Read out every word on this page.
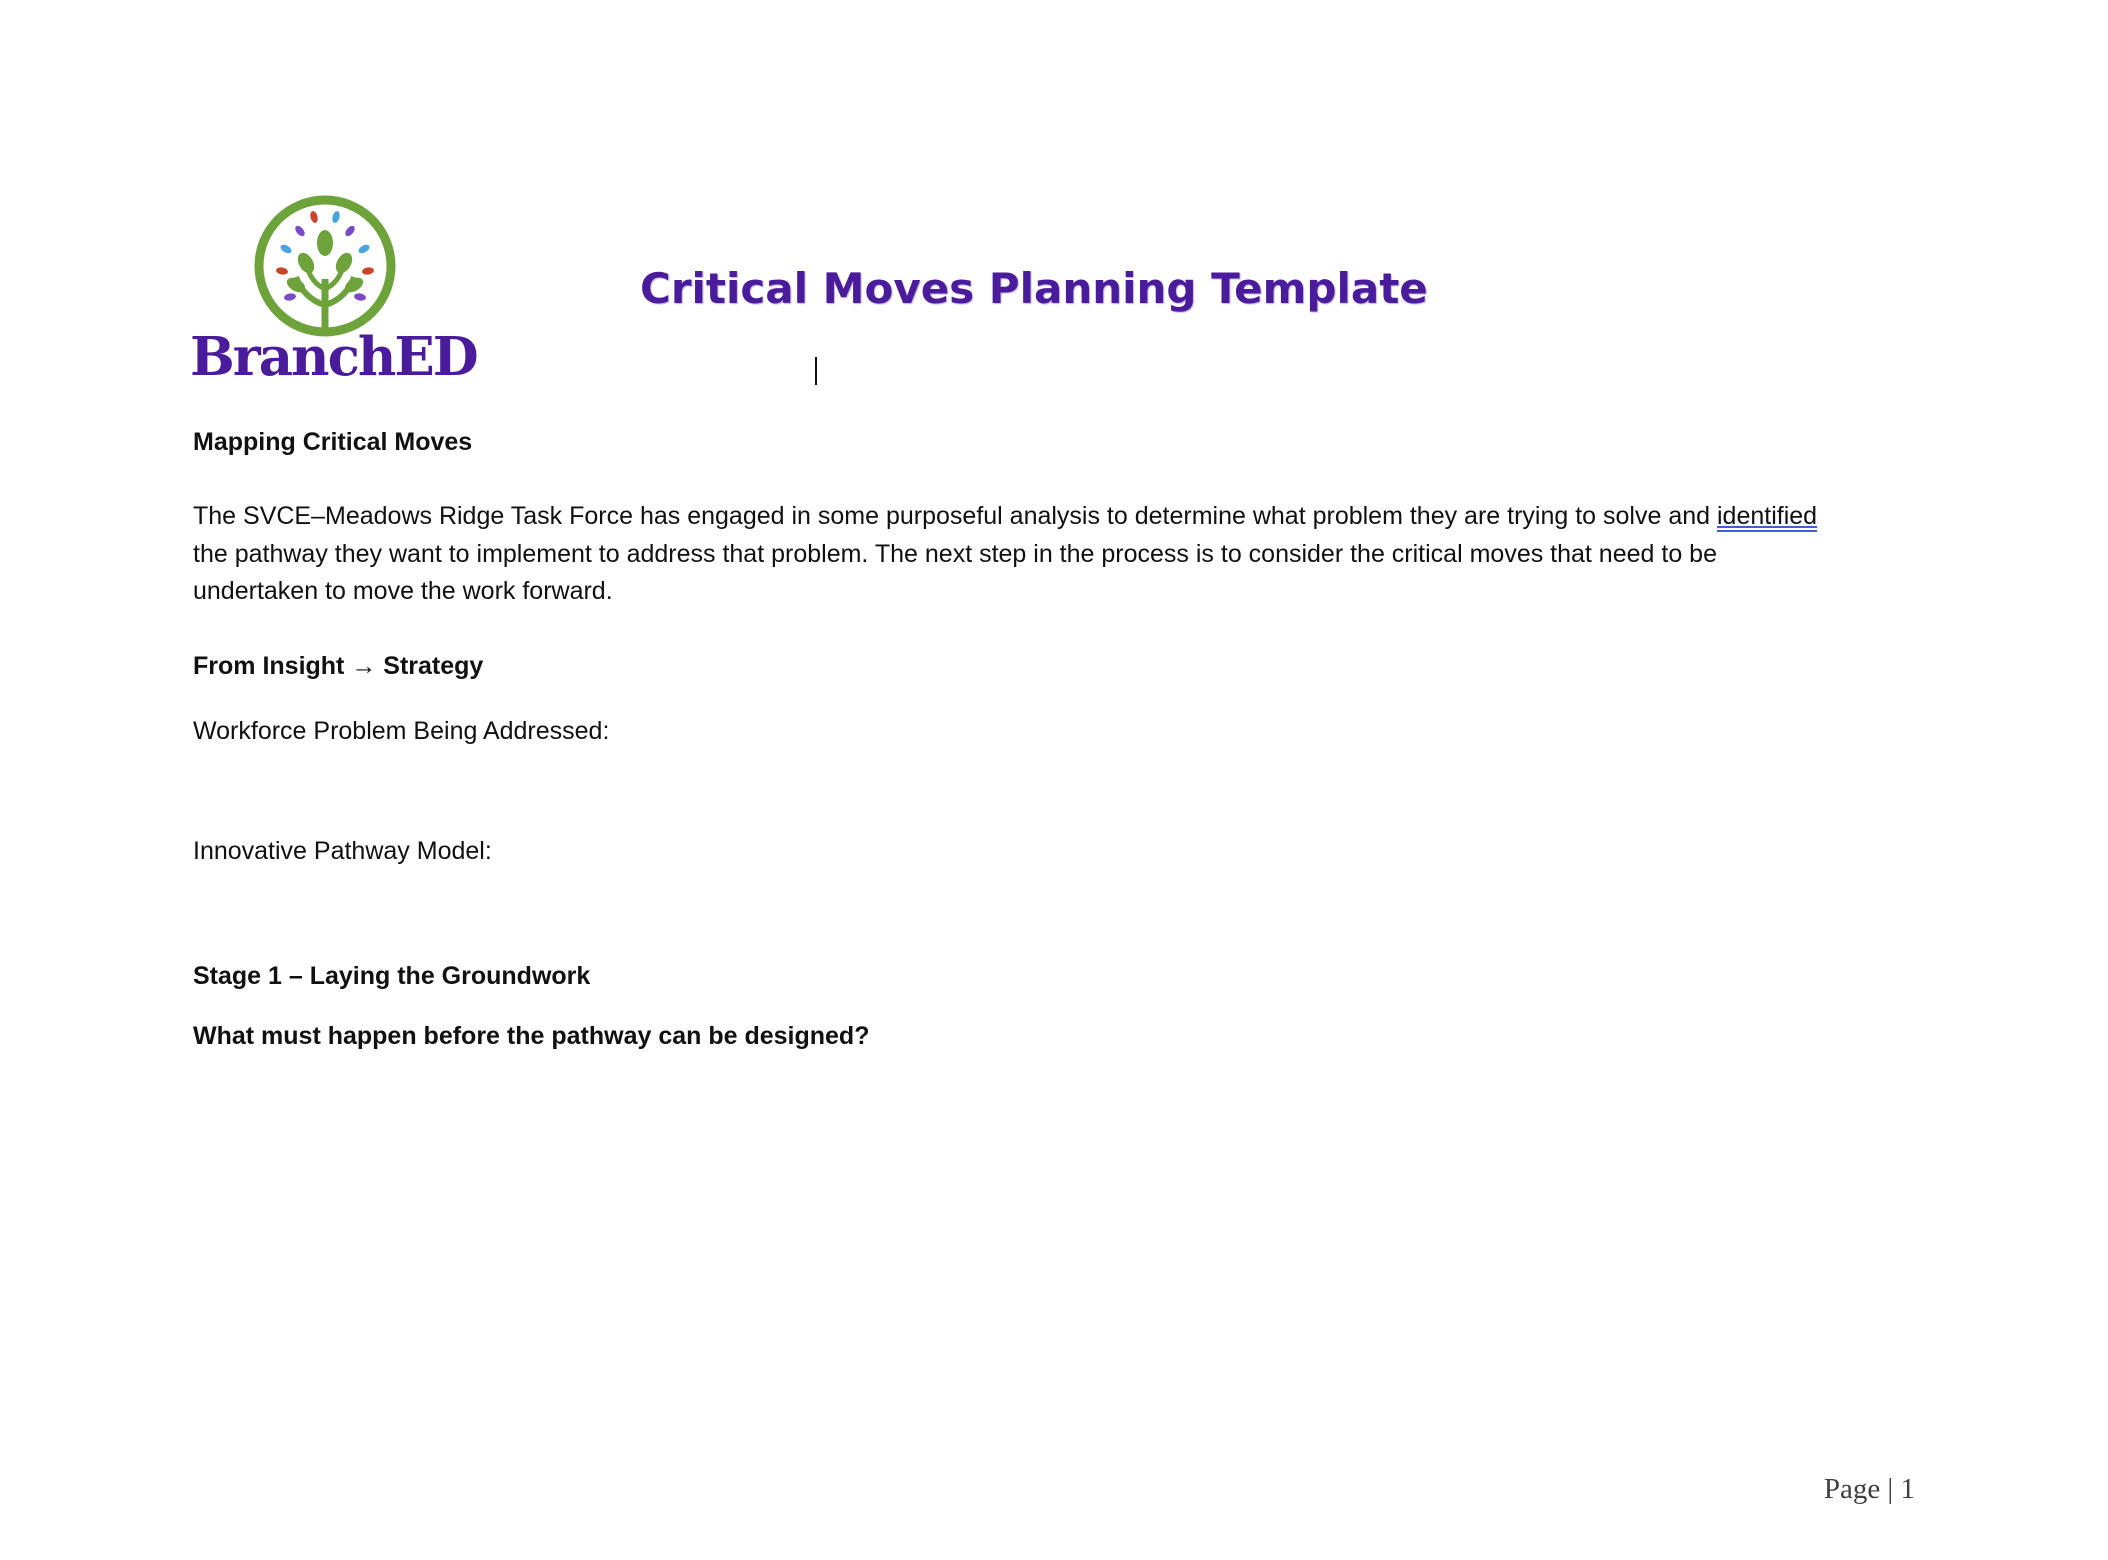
BranchED
Critical Moves Planning Template
Mapping Critical Moves
The SVCE–Meadows Ridge Task Force has engaged in some purposeful analysis to determine what problem they are trying to solve and identified
the pathway they want to implement to address that problem. The next step in the process is to consider the critical moves that need to be
undertaken to move the work forward.
From Insight → Strategy
Workforce Problem Being Addressed:
Innovative Pathway Model:
Stage 1 – Laying the Groundwork
What must happen before the pathway can be designed?
Page | 1
